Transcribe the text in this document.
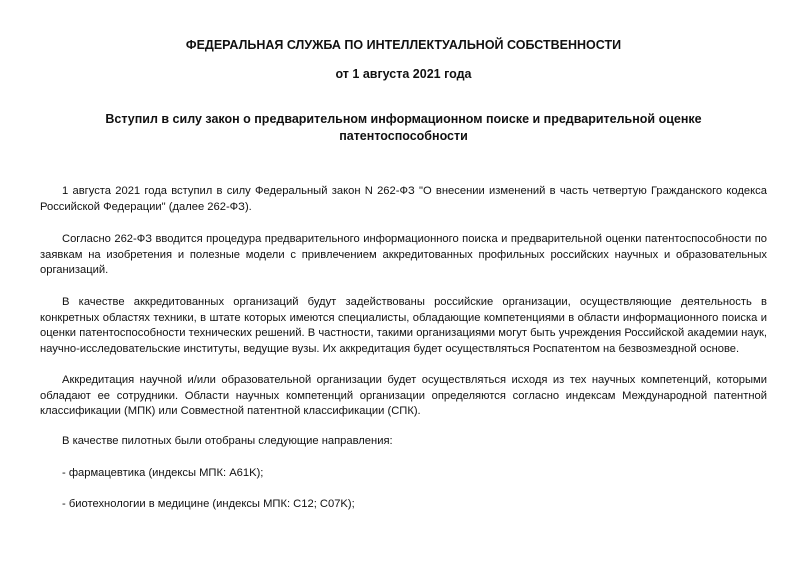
ФЕДЕРАЛЬНАЯ СЛУЖБА ПО ИНТЕЛЛЕКТУАЛЬНОЙ СОБСТВЕННОСТИ
от 1 августа 2021 года
Вступил в силу закон о предварительном информационном поиске и предварительной оценке патентоспособности

1 августа 2021 года вступил в силу Федеральный закон N 262-ФЗ "О внесении изменений в часть четвертую Гражданского кодекса Российской Федерации" (далее 262-ФЗ).

Согласно 262-ФЗ вводится процедура предварительного информационного поиска и предварительной оценки патентоспособности по заявкам на изобретения и полезные модели с привлечением аккредитованных профильных российских научных и образовательных организаций.

В качестве аккредитованных организаций будут задействованы российские организации, осуществляющие деятельность в конкретных областях техники, в штате которых имеются специалисты, обладающие компетенциями в области информационного поиска и оценки патентоспособности технических решений. В частности, такими организациями могут быть учреждения Российской академии наук, научно-исследовательские институты, ведущие вузы. Их аккредитация будет осуществляться Роспатентом на безвозмездной основе.

Аккредитация научной и/или образовательной организации будет осуществляться исходя из тех научных компетенций, которыми обладают ее сотрудники. Области научных компетенций организации определяются согласно индексам Международной патентной классификации (МПК) или Совместной патентной классификации (СПК).

В качестве пилотных были отобраны следующие направления:

- фармацевтика (индексы МПК: A61K);

- биотехнологии в медицине (индексы МПК: C12; C07K);
